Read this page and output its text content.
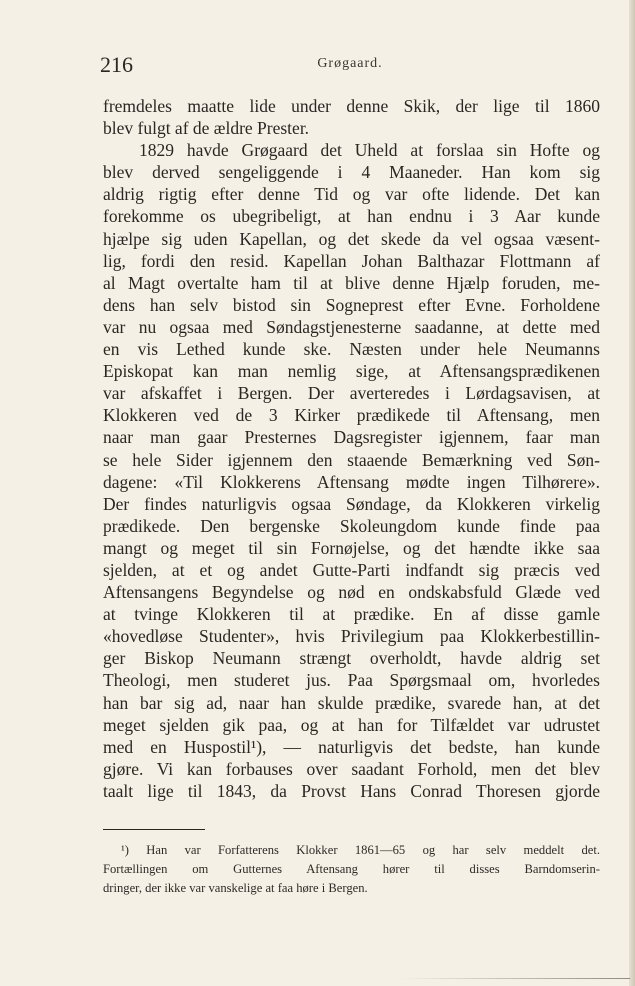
216	Grøgaard.
fremdeles maatte lide under denne Skik, der lige til 1860
blev fulgt af de ældre Prester.
1829 havde Grøgaard det Uheld at forslaa sin Hofte og
blev derved sengeliggende i 4 Maaneder. Han kom sig
aldrig rigtig efter denne Tid og var ofte lidende. Det kan
forekomme os ubegribeligt, at han endnu i 3 Aar kunde
hjælpe sig uden Kapellan, og det skede da vel ogsaa væsent-
lig, fordi den resid. Kapellan Johan Balthazar Flottmann af
al Magt overtalte ham til at blive denne Hjælp foruden, me-
dens han selv bistod sin Sogneprest efter Evne. Forholdene
var nu ogsaa med Søndagstjenesterne saadanne, at dette med
en vis Lethed kunde ske. Næsten under hele Neumanns
Episkopat kan man nemlig sige, at Aftensangsprædikenen
var afskaffet i Bergen. Der averteredes i Lørdagsavisen, at
Klokkeren ved de 3 Kirker prædikede til Aftensang, men
naar man gaar Presternes Dagsregister igjennem, faar man
se hele Sider igjennem den staaende Bemærkning ved Søn-
dagene: «Til Klokkerens Aftensang mødte ingen Tilhørere».
Der findes naturligvis ogsaa Søndage, da Klokkeren virkelig
prædikede. Den bergenske Skoleungdom kunde finde paa
mangt og meget til sin Fornøjelse, og det hændte ikke saa
sjelden, at et og andet Gutte-Parti indfandt sig præcis ved
Aftensangens Begyndelse og nød en ondskabsfuld Glæde ved
at tvinge Klokkeren til at prædike. En af disse gamle
«hovedløse Studenter», hvis Privilegium paa Klokkerbestillin-
ger Biskop Neumann strængt overholdt, havde aldrig set
Theologi, men studeret jus. Paa Spørgsmaal om, hvorledes
han bar sig ad, naar han skulde prædike, svarede han, at det
meget sjelden gik paa, og at han for Tilfældet var udrustet
med en Huspostil¹), — naturligvis det bedste, han kunde
gjøre. Vi kan forbauses over saadant Forhold, men det blev
taalt lige til 1843, da Provst Hans Conrad Thoresen gjorde
¹) Han var Forfatterens Klokker 1861—65 og har selv meddelt det.
Fortællingen om Gutternes Aftensang hører til disses Barndomserin-
dringer, der ikke var vanskelige at faa høre i Bergen.
